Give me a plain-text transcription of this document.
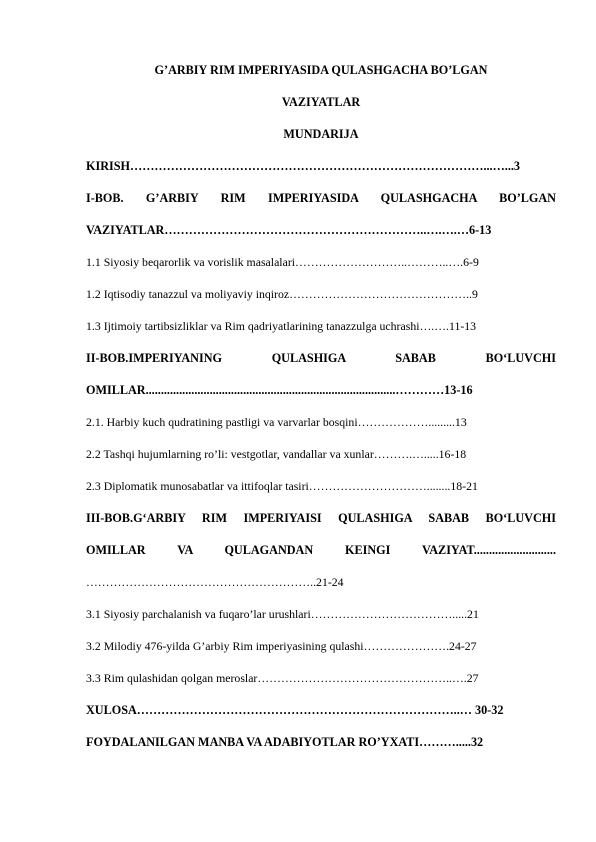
G’ARBIY RIM IMPERIYASIDA QULASHGACHA BO’LGAN
VAZIYATLAR
MUNDARIJA
KIRISH……………………………………………………………………………...…...3
I-BOB. G’ARBIY RIM IMPERIYASIDA QULASHGACHA BO’LGAN
VAZIYATLAR………………………………………………………..….….…6-13
1.1 Siyosiy beqarorlik va vorislik masalalari………………………..………..….6-9
1.2 Iqtisodiy tanazzul va moliyaviy inqiroz………………………………………..9
1.3 Ijtimoiy tartibsizliklar va Rim qadriyatlarining tanazzulga uchrashi….….11-13
II-BOB.IMPERIYANING QULASHIGA SABAB BO‘LUVCHI
OMILLAR..................................................................................…………13-16
2.1. Harbiy kuch qudratining pastligi va varvarlar bosqini……………….........13
2.2 Tashqi hujumlarning ro’li: vestgotlar, vandallar va xunlar……….….....16-18
2.3 Diplomatik munosabatlar va ittifoqlar tasiri…………………………........18-21
III-BOB.G‘ARBIY RIM IMPERIYAISI QULASHIGA SABAB BO‘LUVCHI
OMILLAR VA QULAGANDAN KEINGI VAZIYAT...........................
…………………………………………………..21-24
3.1 Siyosiy parchalanish va fuqaro’lar urushlari……………………………….....21
3.2 Milodiy 476-yilda G’arbiy Rim imperiyasining qulashi………………….24-27
3.3 Rim qulashidan qolgan meroslar…………………………………………..….27
XULOSA……………………………………………………………………..… 30-32
FOYDALANILGAN MANBA VA ADABIYOTLAR RO’YXATI……….....32
